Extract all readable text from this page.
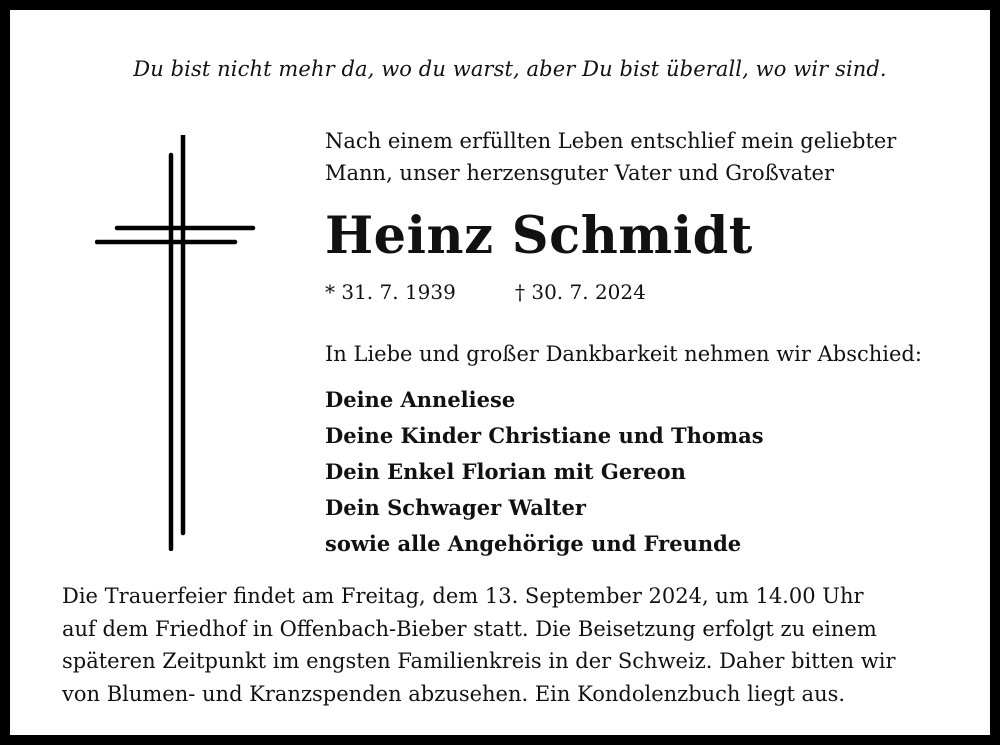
Du bist nicht mehr da, wo du warst, aber Du bist überall, wo wir sind.
Nach einem erfüllten Leben entschlief mein geliebter
Mann, unser herzensguter Vater und Großvater
Heinz Schmidt
* 31. 7. 1939	† 30. 7. 2024
In Liebe und großer Dankbarkeit nehmen wir Abschied:
Deine Anneliese
Deine Kinder Christiane und Thomas
Dein Enkel Florian mit Gereon
Dein Schwager Walter
sowie alle Angehörige und Freunde
Die Trauerfeier findet am Freitag, dem 13. September 2024, um 14.00 Uhr
auf dem Friedhof in Offenbach-Bieber statt. Die Beisetzung erfolgt zu einem
späteren Zeitpunkt im engsten Familienkreis in der Schweiz. Daher bitten wir
von Blumen- und Kranzspenden abzusehen. Ein Kondolenzbuch liegt aus.
